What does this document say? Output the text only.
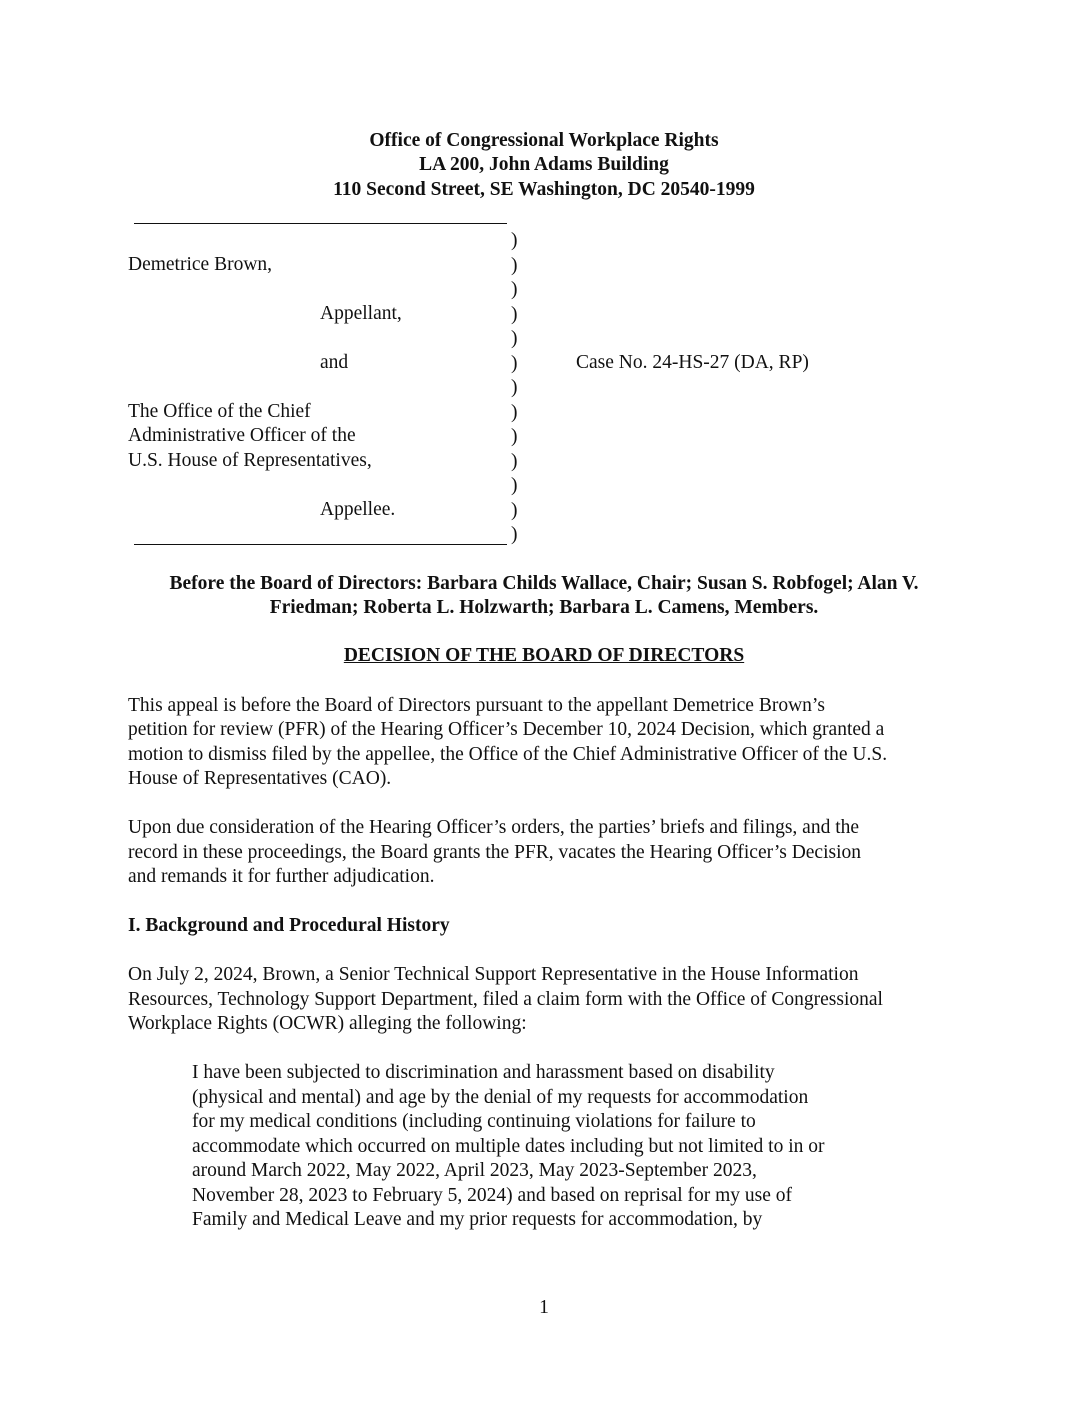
Office of Congressional Workplace Rights
LA 200, John Adams Building
110 Second Street, SE Washington, DC 20540-1999
)
)
)
)
)
)
)
)
)
)
)
)
)
Demetrice Brown,
Appellant,
and	Case No. 24-HS-27 (DA, RP)
The Office of the Chief
Administrative Officer of the
U.S. House of Representatives,
Appellee.
Before the Board of Directors: Barbara Childs Wallace, Chair; Susan S. Robfogel; Alan V.
Friedman; Roberta L. Holzwarth; Barbara L. Camens, Members.
DECISION OF THE BOARD OF DIRECTORS
This appeal is before the Board of Directors pursuant to the appellant Demetrice Brown’s
petition for review (PFR) of the Hearing Officer’s December 10, 2024 Decision, which granted a
motion to dismiss filed by the appellee, the Office of the Chief Administrative Officer of the U.S.
House of Representatives (CAO).
Upon due consideration of the Hearing Officer’s orders, the parties’ briefs and filings, and the
record in these proceedings, the Board grants the PFR, vacates the Hearing Officer’s Decision
and remands it for further adjudication.
I. Background and Procedural History
On July 2, 2024, Brown, a Senior Technical Support Representative in the House Information
Resources, Technology Support Department, filed a claim form with the Office of Congressional
Workplace Rights (OCWR) alleging the following:
I have been subjected to discrimination and harassment based on disability
(physical and mental) and age by the denial of my requests for accommodation
for my medical conditions (including continuing violations for failure to
accommodate which occurred on multiple dates including but not limited to in or
around March 2022, May 2022, April 2023, May 2023-September 2023,
November 28, 2023 to February 5, 2024) and based on reprisal for my use of
Family and Medical Leave and my prior requests for accommodation, by
1
